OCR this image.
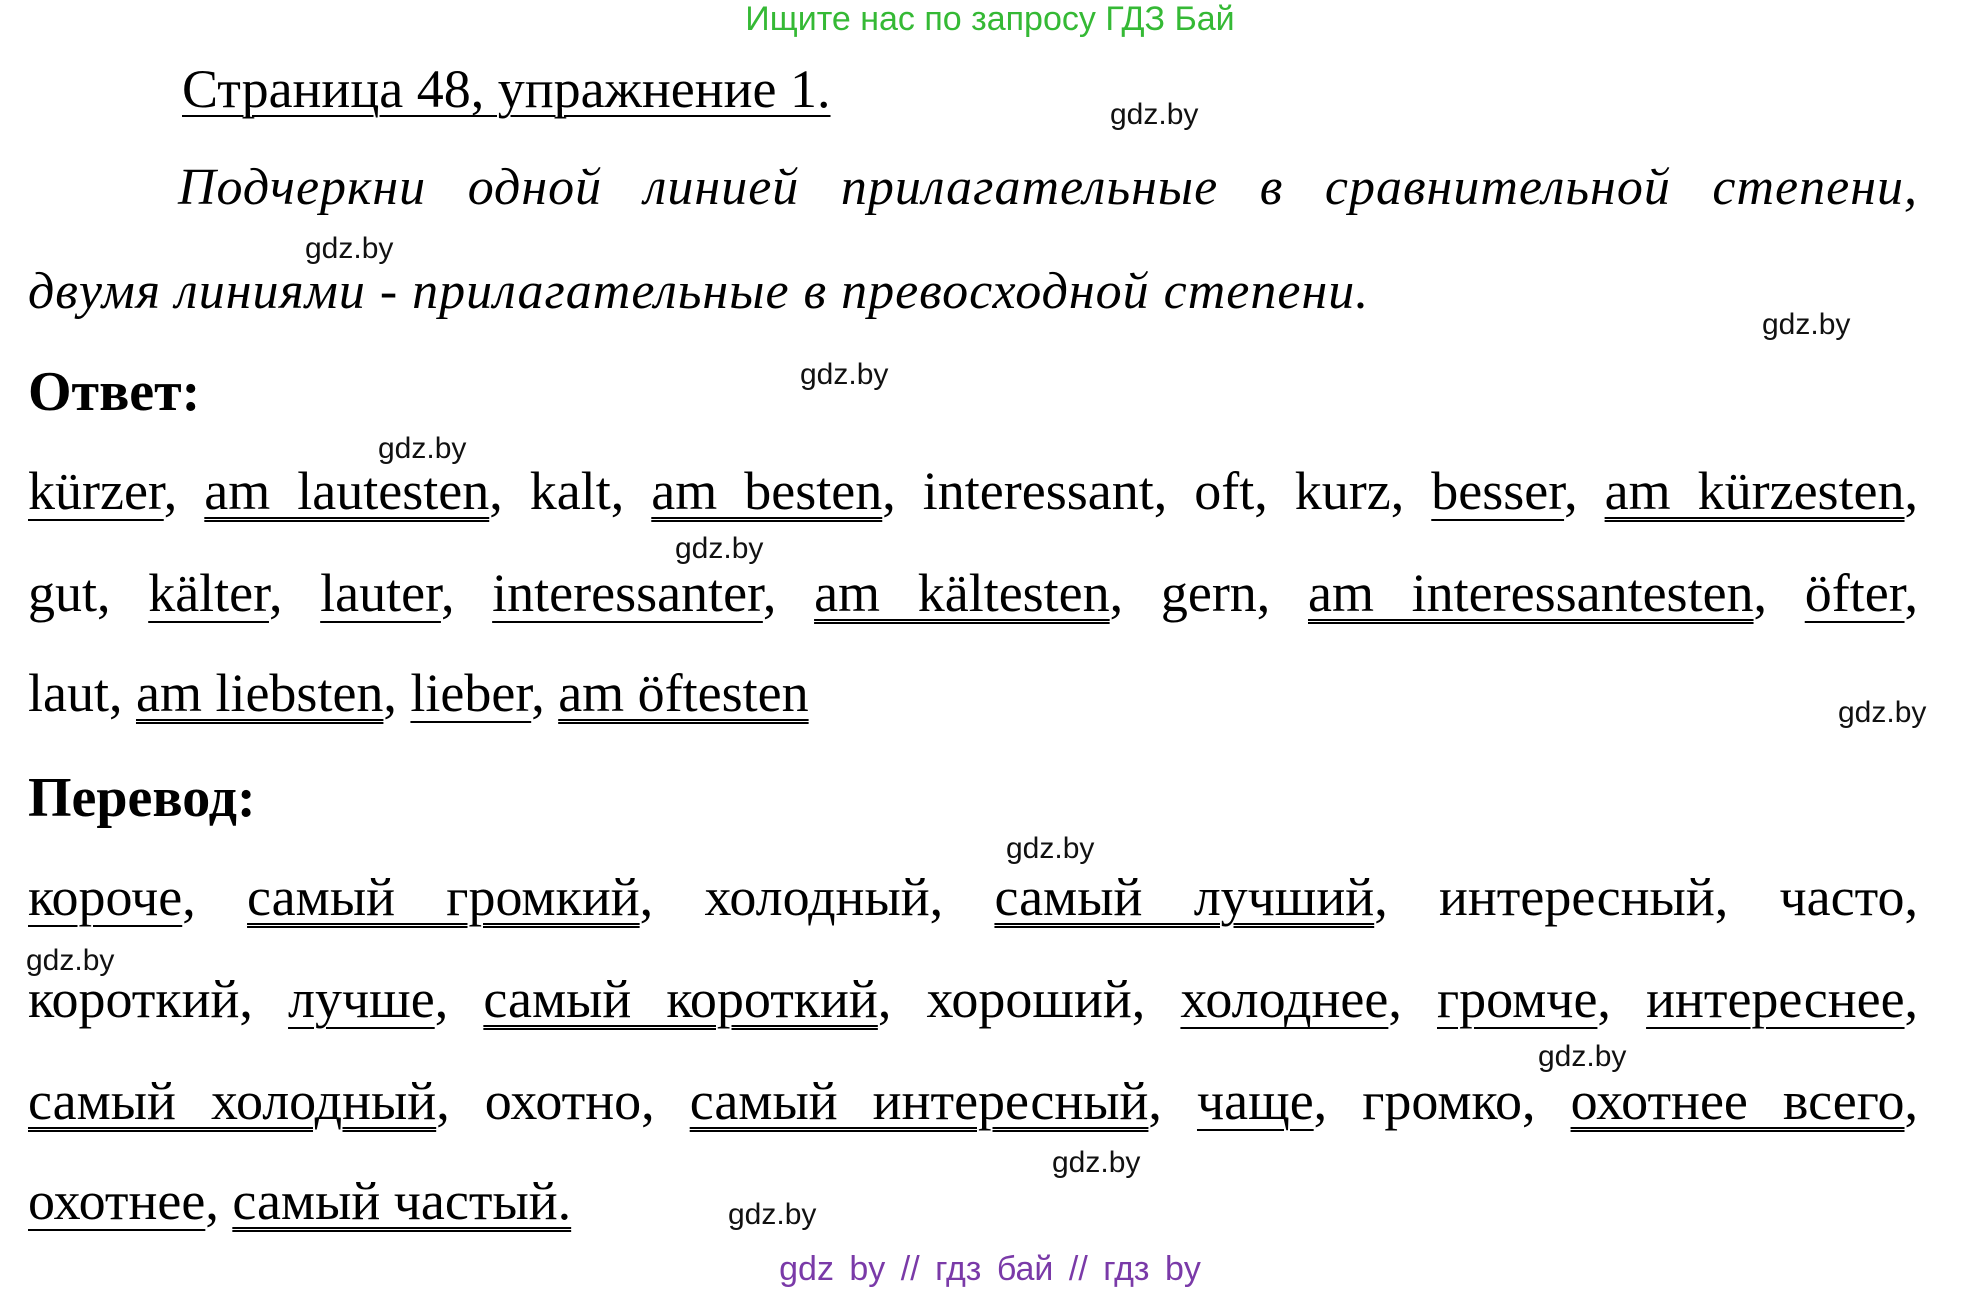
Ищите нас по запросу ГДЗ Бай
Страница 48, упражнение 1.
Подчеркни одной линией прилагательные в сравнительной степени,
двумя линиями - прилагательные в превосходной степени.
Ответ:
kürzer, am lautesten, kalt, am besten, interessant, oft, kurz, besser, am kürzesten,
gut, kälter, lauter, interessanter, am kältesten, gern, am interessantesten, öfter,
laut, am liebsten, lieber, am öftesten
Перевод:
короче, самый громкий, холодный, самый лучший, интересный, часто,
короткий, лучше, самый короткий, хороший, холоднее, громче, интереснее,
самый холодный, охотно, самый интересный, чаще, громко, охотнее всего,
охотнее, самый частый.
gdz.by
gdz.by
gdz.by
gdz.by
gdz.by
gdz.by
gdz.by
gdz.by
gdz.by
gdz.by
gdz.by
gdz.by
gdz by // гдз бай // гдз by
